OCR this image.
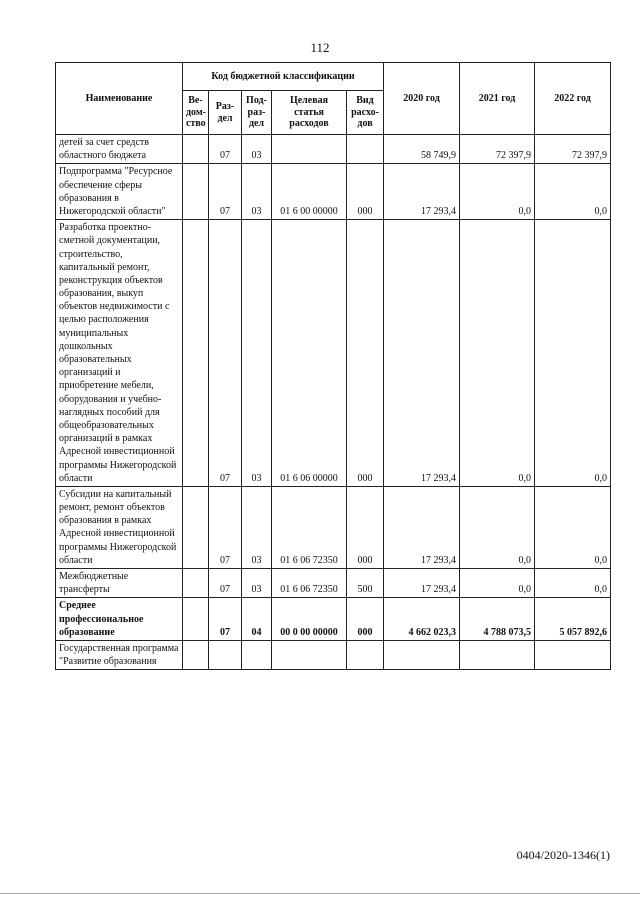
112
Наименование	Код бюджетной классификации					2020 год	2021 год	2022 год
	Ве-дом-ство	Раз-дел	Под-раз-дел	Целевая статья расходов	Вид расхо-дов			
детей за счет средств областного бюджета		07	03			58 749,9	72 397,9	72 397,9
Подпрограмма "Ресурсное обеспечение сферы образования в Нижегородской области"		07	03	01 6 00 00000	000	17 293,4	0,0	0,0
Разработка проектно-сметной документации, строительство, капитальный ремонт, реконструкция объектов образования, выкуп объектов недвижимости с целью расположения муниципальных дошкольных образовательных организаций и приобретение мебели, оборудования и учебно-наглядных пособий для общеобразовательных организаций в рамках Адресной инвестиционной программы Нижегородской области		07	03	01 6 06 00000	000	17 293,4	0,0	0,0
Субсидии на капитальный ремонт, ремонт объектов образования в рамках Адресной инвестиционной программы Нижегородской области		07	03	01 6 06 72350	000	17 293,4	0,0	0,0
Межбюджетные трансферты		07	03	01 6 06 72350	500	17 293,4	0,0	0,0
Среднее профессиональное образование		07	04	00 0 00 00000	000	4 662 023,3	4 788 073,5	5 057 892,6
Государственная программа "Развитие образования								
0404/2020-1346(1)
